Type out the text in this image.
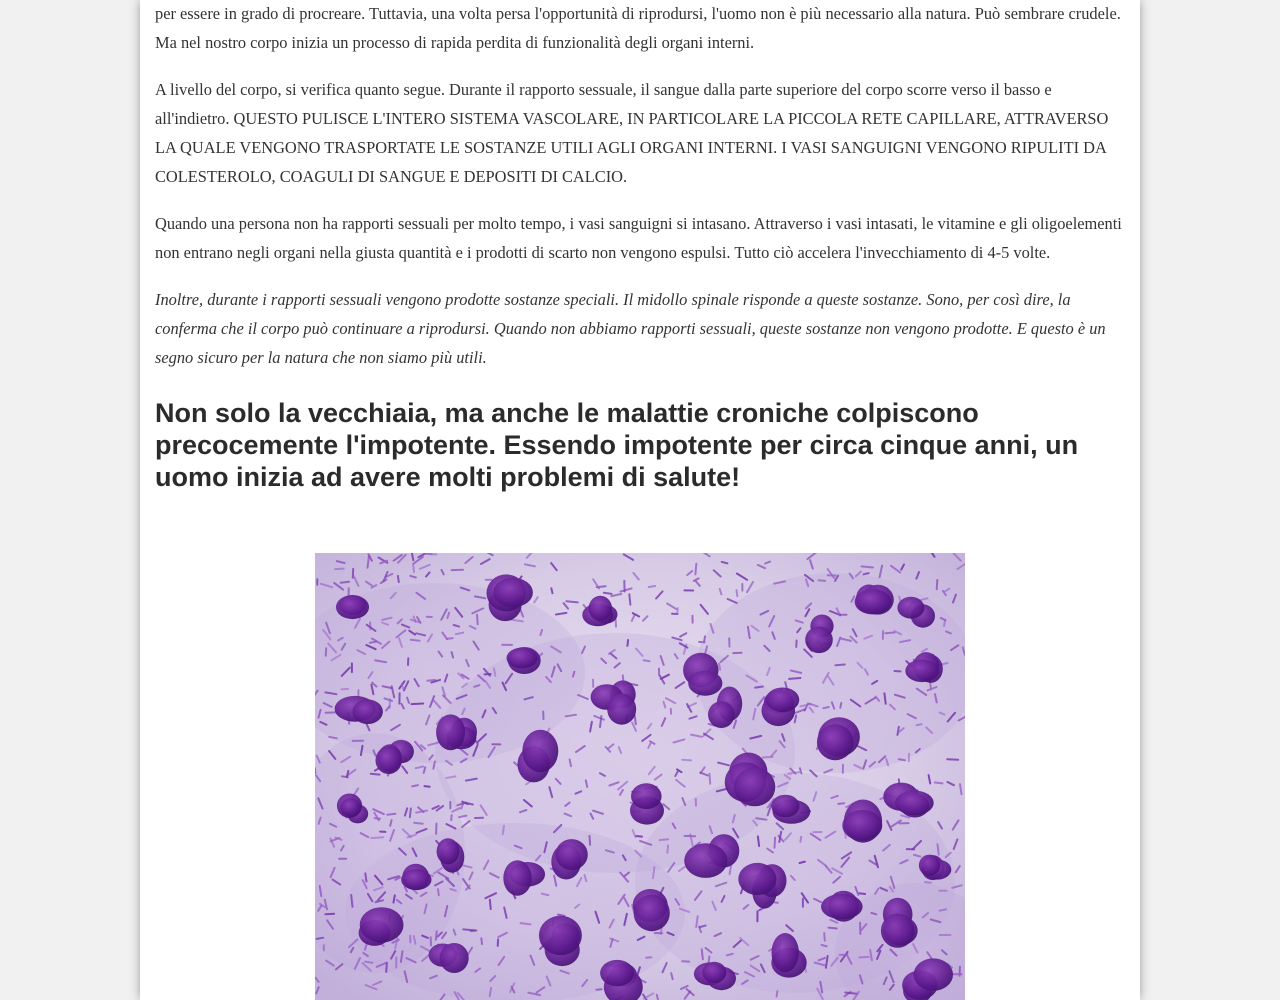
per essere in grado di procreare. Tuttavia, una volta persa l'opportunità di riprodursi, l'uomo non è più necessario alla natura. Può sembrare crudele. Ma nel nostro corpo inizia un processo di rapida perdita di funzionalità degli organi interni.

A livello del corpo, si verifica quanto segue. Durante il rapporto sessuale, il sangue dalla parte superiore del corpo scorre verso il basso e all'indietro. QUESTO PULISCE L'INTERO SISTEMA VASCOLARE, IN PARTICOLARE LA PICCOLA RETE CAPILLARE, ATTRAVERSO LA QUALE VENGONO TRASPORTATE LE SOSTANZE UTILI AGLI ORGANI INTERNI. I VASI SANGUIGNI VENGONO RIPULITI DA COLESTEROLO, COAGULI DI SANGUE E DEPOSITI DI CALCIO.

Quando una persona non ha rapporti sessuali per molto tempo, i vasi sanguigni si intasano. Attraverso i vasi intasati, le vitamine e gli oligoelementi non entrano negli organi nella giusta quantità e i prodotti di scarto non vengono espulsi. Tutto ciò accelera l'invecchiamento di 4-5 volte.

Inoltre, durante i rapporti sessuali vengono prodotte sostanze speciali. Il midollo spinale risponde a queste sostanze. Sono, per così dire, la conferma che il corpo può continuare a riprodursi. Quando non abbiamo rapporti sessuali, queste sostanze non vengono prodotte. E questo è un segno sicuro per la natura che non siamo più utili.

Non solo la vecchiaia, ma anche le malattie croniche colpiscono precocemente l'impotente. Essendo impotente per circa cinque anni, un uomo inizia ad avere molti problemi di salute!
